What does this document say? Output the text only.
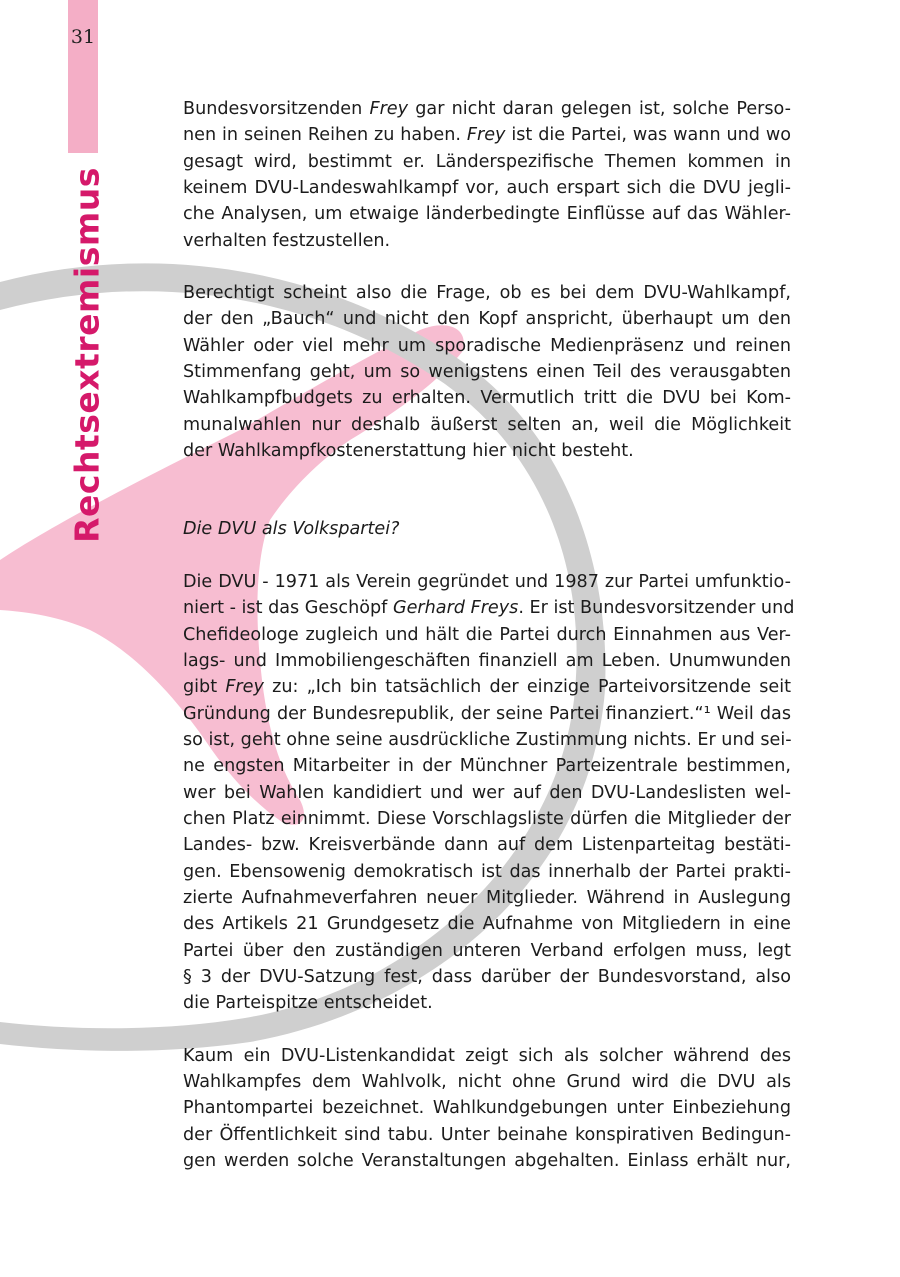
31
Rechtsextremismus

Bundesvorsitzenden Frey gar nicht daran gelegen ist, solche Perso-
nen in seinen Reihen zu haben. Frey ist die Partei, was wann und wo
gesagt wird, bestimmt er. Länderspezifische Themen kommen in
keinem DVU-Landeswahlkampf vor, auch erspart sich die DVU jegli-
che Analysen, um etwaige länderbedingte Einflüsse auf das Wähler-
verhalten festzustellen.

Berechtigt scheint also die Frage, ob es bei dem DVU-Wahlkampf,
der den „Bauch“ und nicht den Kopf anspricht, überhaupt um den
Wähler oder viel mehr um sporadische Medienpräsenz und reinen
Stimmenfang geht, um so wenigstens einen Teil des verausgabten
Wahlkampfbudgets zu erhalten. Vermutlich tritt die DVU bei Kom-
munalwahlen nur deshalb äußerst selten an, weil die Möglichkeit
der Wahlkampfkostenerstattung hier nicht besteht.

Die DVU als Volkspartei?

Die DVU - 1971 als Verein gegründet und 1987 zur Partei umfunktio-
niert - ist das Geschöpf Gerhard Freys. Er ist Bundesvorsitzender und
Chefideologe zugleich und hält die Partei durch Einnahmen aus Ver-
lags- und Immobiliengeschäften finanziell am Leben. Unumwunden
gibt Frey zu: „Ich bin tatsächlich der einzige Parteivorsitzende seit
Gründung der Bundesrepublik, der seine Partei finanziert.“¹ Weil das
so ist, geht ohne seine ausdrückliche Zustimmung nichts. Er und sei-
ne engsten Mitarbeiter in der Münchner Parteizentrale bestimmen,
wer bei Wahlen kandidiert und wer auf den DVU-Landeslisten wel-
chen Platz einnimmt. Diese Vorschlagsliste dürfen die Mitglieder der
Landes- bzw. Kreisverbände dann auf dem Listenparteitag bestäti-
gen. Ebensowenig demokratisch ist das innerhalb der Partei prakti-
zierte Aufnahmeverfahren neuer Mitglieder. Während in Auslegung
des Artikels 21 Grundgesetz die Aufnahme von Mitgliedern in eine
Partei über den zuständigen unteren Verband erfolgen muss, legt
§ 3 der DVU-Satzung fest, dass darüber der Bundesvorstand, also
die Parteispitze entscheidet.

Kaum ein DVU-Listenkandidat zeigt sich als solcher während des
Wahlkampfes dem Wahlvolk, nicht ohne Grund wird die DVU als
Phantompartei bezeichnet. Wahlkundgebungen unter Einbeziehung
der Öffentlichkeit sind tabu. Unter beinahe konspirativen Bedingun-
gen werden solche Veranstaltungen abgehalten. Einlass erhält nur,
